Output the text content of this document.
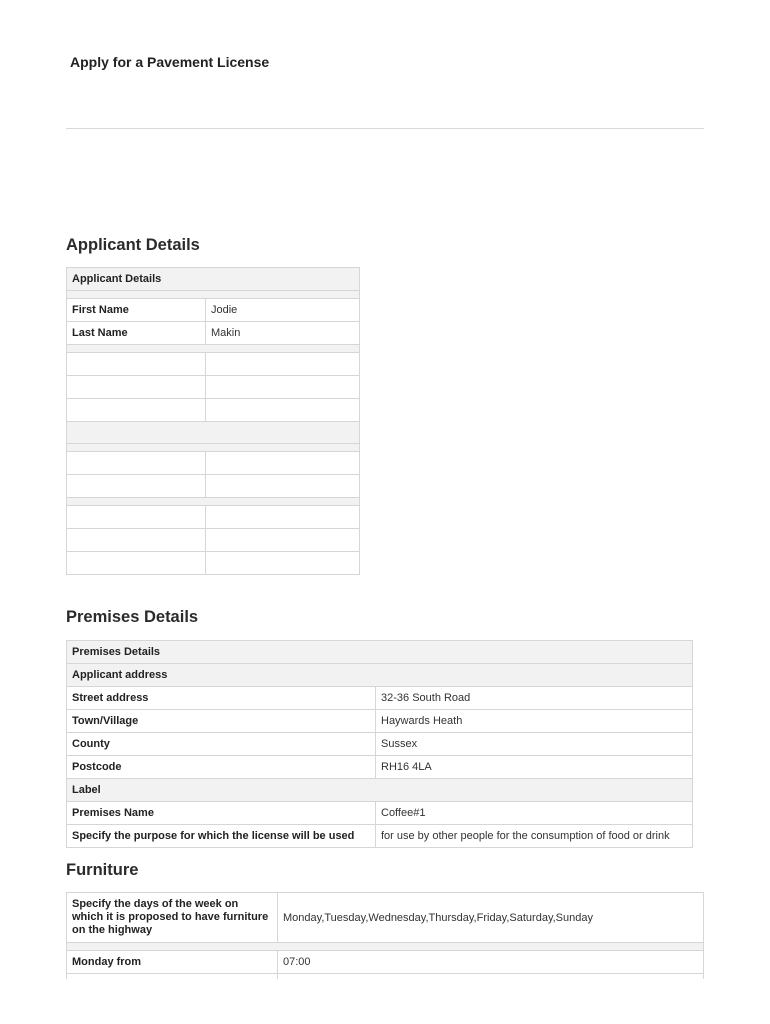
Apply for a Pavement License
Applicant Details
Applicant Details	

First Name	Jodie
Last Name	Makin

Premises Details
Premises Details	
Applicant address	
Street address	32-36 South Road
Town/Village	Haywards Heath
County	Sussex
Postcode	RH16 4LA
Label	
Premises Name	Coffee#1
Specify the purpose for which the license will be used	for use by other people for the consumption of food or drink
Furniture
Specify the days of the week on which it is proposed to have furniture on the highway	Monday,Tuesday,Wednesday,Thursday,Friday,Saturday,Sunday

Monday from	07:00
